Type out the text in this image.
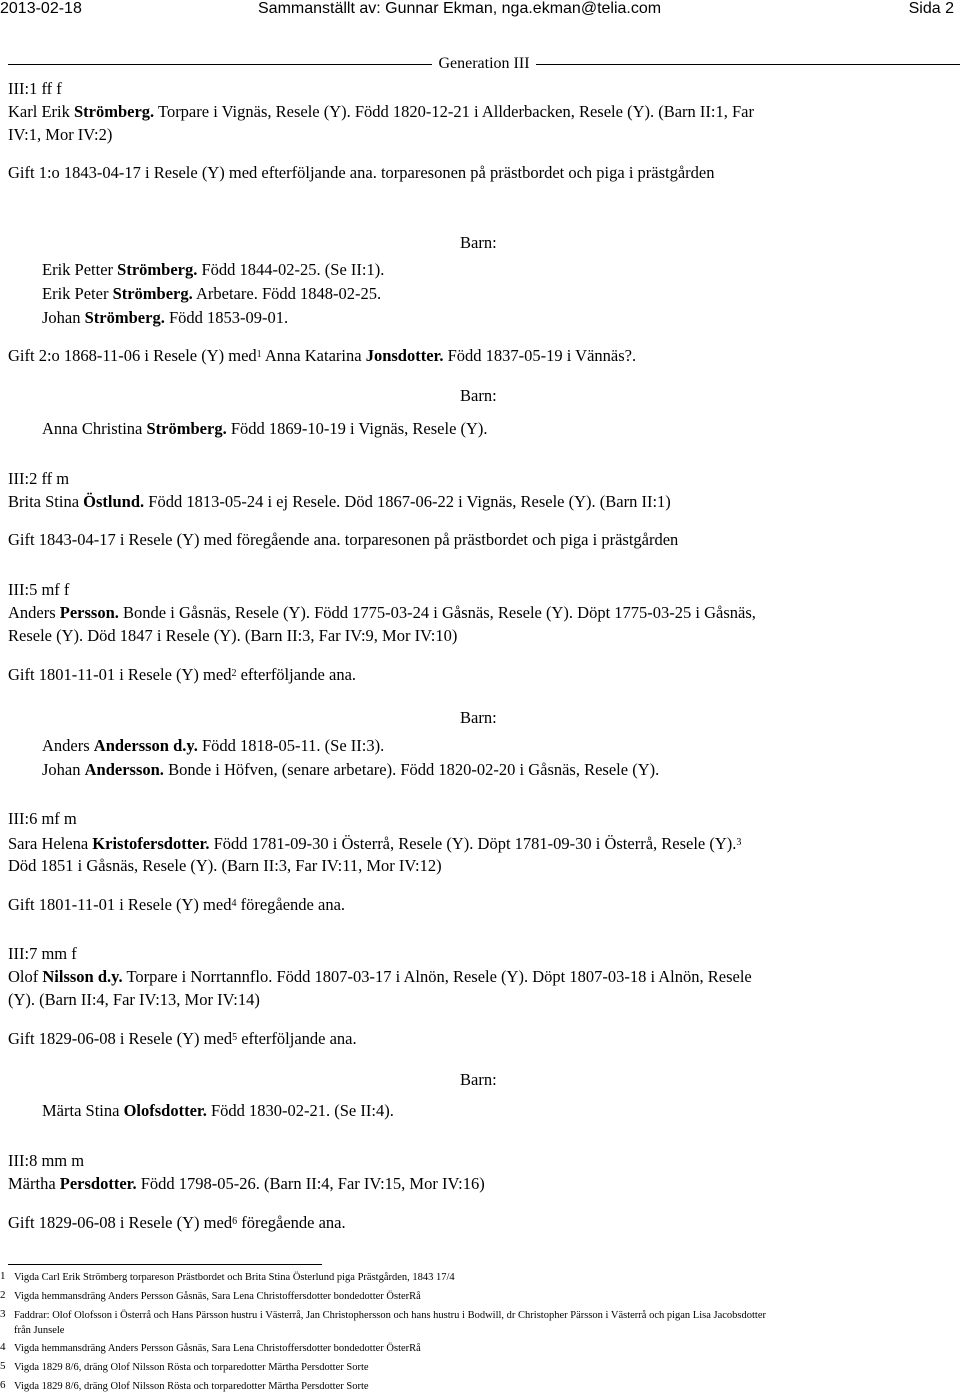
2013-02-18	Sammanställt av: Gunnar Ekman, nga.ekman@telia.com	Sida 2
Generation III
III:1 ff f
Karl Erik Strömberg. Torpare i Vignäs, Resele (Y). Född 1820-12-21 i Allderbacken, Resele (Y). (Barn II:1, Far
IV:1, Mor IV:2)
Gift 1:o 1843-04-17 i Resele (Y) med efterföljande ana. torparesonen på prästbordet och piga i prästgården
Barn:
Erik Petter Strömberg. Född 1844-02-25. (Se II:1).
Erik Peter Strömberg. Arbetare. Född 1848-02-25.
Johan Strömberg. Född 1853-09-01.
Gift 2:o 1868-11-06 i Resele (Y) med$^1$ Anna Katarina Jonsdotter. Född 1837-05-19 i Vännäs?.
Barn:
Anna Christina Strömberg. Född 1869-10-19 i Vignäs, Resele (Y).
III:2 ff m
Brita Stina Östlund. Född 1813-05-24 i ej Resele. Död 1867-06-22 i Vignäs, Resele (Y). (Barn II:1)
Gift 1843-04-17 i Resele (Y) med föregående ana. torparesonen på prästbordet och piga i prästgården
III:5 mf f
Anders Persson. Bonde i Gåsnäs, Resele (Y). Född 1775-03-24 i Gåsnäs, Resele (Y). Döpt 1775-03-25 i Gåsnäs,
Resele (Y). Död 1847 i Resele (Y). (Barn II:3, Far IV:9, Mor IV:10)
Gift 1801-11-01 i Resele (Y) med$^2$ efterföljande ana.
Barn:
Anders Andersson d.y. Född 1818-05-11. (Se II:3).
Johan Andersson. Bonde i Höfven, (senare arbetare). Född 1820-02-20 i Gåsnäs, Resele (Y).
III:6 mf m
Sara Helena Kristofersdotter. Född 1781-09-30 i Österrå, Resele (Y). Döpt 1781-09-30 i Österrå, Resele (Y).$^3$
Död 1851 i Gåsnäs, Resele (Y). (Barn II:3, Far IV:11, Mor IV:12)
Gift 1801-11-01 i Resele (Y) med$^4$ föregående ana.
III:7 mm f
Olof Nilsson d.y. Torpare i Norrtannflo. Född 1807-03-17 i Alnön, Resele (Y). Döpt 1807-03-18 i Alnön, Resele
(Y). (Barn II:4, Far IV:13, Mor IV:14)
Gift 1829-06-08 i Resele (Y) med$^5$ efterföljande ana.
Barn:
Märta Stina Olofsdotter. Född 1830-02-21. (Se II:4).
III:8 mm m
Märtha Persdotter. Född 1798-05-26. (Barn II:4, Far IV:15, Mor IV:16)
Gift 1829-06-08 i Resele (Y) med$^6$ föregående ana.
1 Vigda Carl Erik Strömberg torpareson Prästbordet och Brita Stina Österlund piga Prästgården, 1843 17/4
2 Vigda hemmansdräng Anders Persson Gåsnäs, Sara Lena Christoffersdotter bondedotter ÖsterRå
3 Faddrar: Olof Olofsson i Österrå och Hans Pärsson hustru i Västerrå, Jan Christophersson och hans hustru i Bodwill, dr Christopher Pärsson i Västerrå och pigan Lisa Jacobsdotter
från Junsele
4 Vigda hemmansdräng Anders Persson Gåsnäs, Sara Lena Christoffersdotter bondedotter ÖsterRå
5 Vigda 1829 8/6, dräng Olof Nilsson Rösta och torparedotter Märtha Persdotter Sorte
6 Vigda 1829 8/6, dräng Olof Nilsson Rösta och torparedotter Märtha Persdotter Sorte
